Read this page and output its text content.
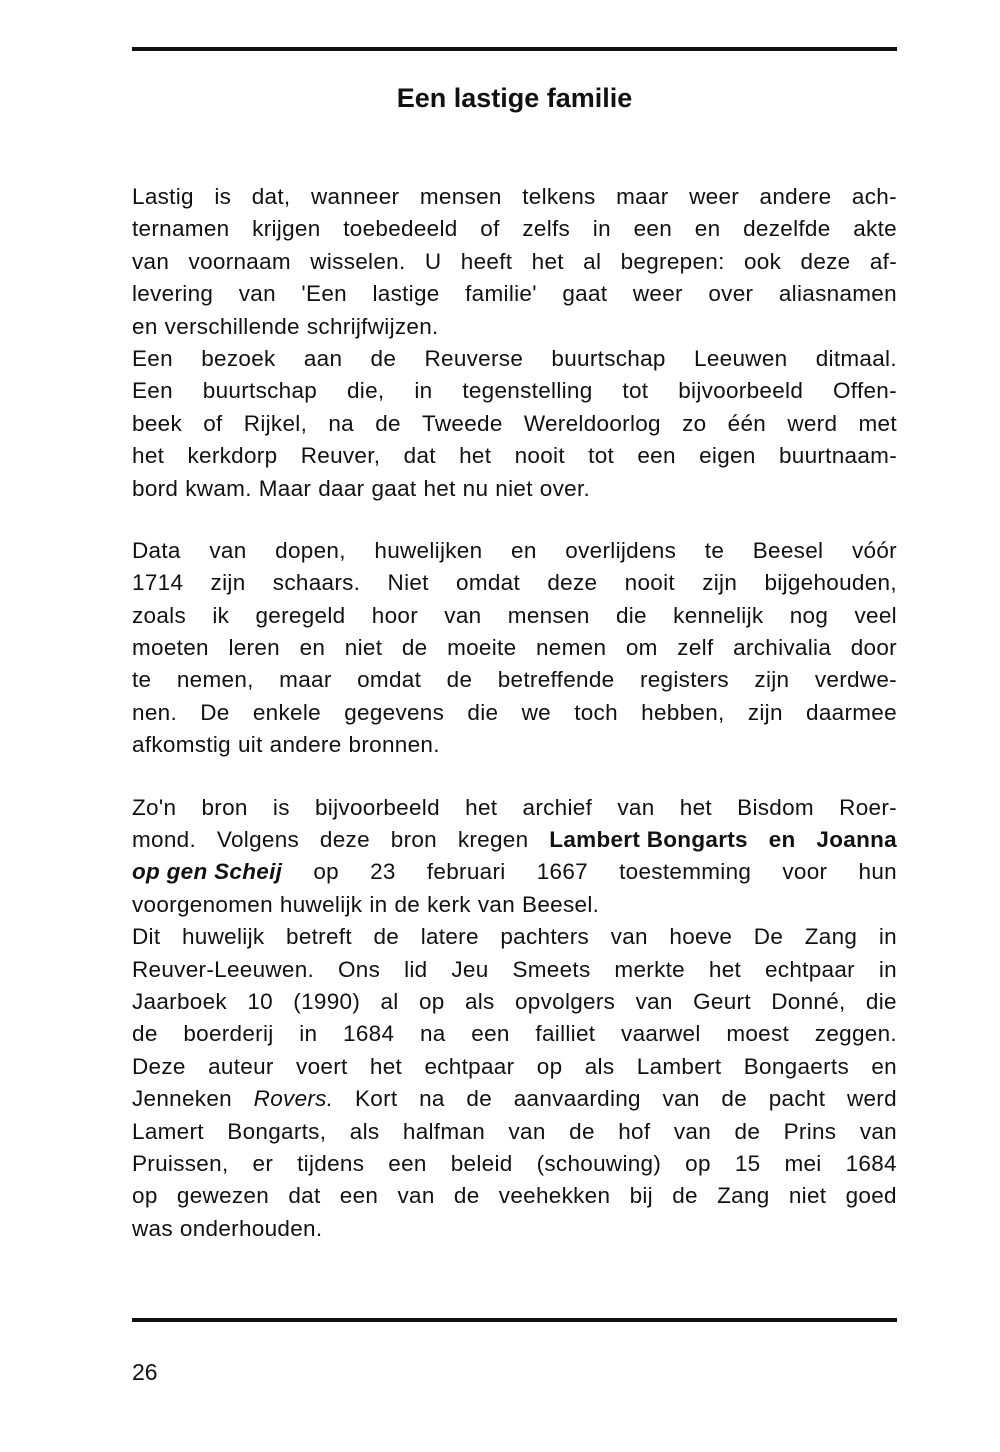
Een lastige familie
Lastig is dat, wanneer mensen telkens maar weer andere ach-
ternamen krijgen toebedeeld of zelfs in een en dezelfde akte
van voornaam wisselen. U heeft het al begrepen: ook deze af-
levering van 'Een lastige familie' gaat weer over aliasnamen
en verschillende schrijfwijzen.
Een bezoek aan de Reuverse buurtschap Leeuwen ditmaal.
Een buurtschap die, in tegenstelling tot bijvoorbeeld Offen-
beek of Rijkel, na de Tweede Wereldoorlog zo één werd met
het kerkdorp Reuver, dat het nooit tot een eigen buurtnaam-
bord kwam. Maar daar gaat het nu niet over.
Data van dopen, huwelijken en overlijdens te Beesel vóór
1714 zijn schaars. Niet omdat deze nooit zijn bijgehouden,
zoals ik geregeld hoor van mensen die kennelijk nog veel
moeten leren en niet de moeite nemen om zelf archivalia door
te nemen, maar omdat de betreffende registers zijn verdwe-
nen. De enkele gegevens die we toch hebben, zijn daarmee
afkomstig uit andere bronnen.
Zo'n bron is bijvoorbeeld het archief van het Bisdom Roer-
mond. Volgens deze bron kregen Lambert Bongarts en Joanna
op gen Scheij op 23 februari 1667 toestemming voor hun
voorgenomen huwelijk in de kerk van Beesel.
Dit huwelijk betreft de latere pachters van hoeve De Zang in
Reuver-Leeuwen. Ons lid Jeu Smeets merkte het echtpaar in
Jaarboek 10 (1990) al op als opvolgers van Geurt Donné, die
de boerderij in 1684 na een failliet vaarwel moest zeggen.
Deze auteur voert het echtpaar op als Lambert Bongaerts en
Jenneken Rovers. Kort na de aanvaarding van de pacht werd
Lamert Bongarts, als halfman van de hof van de Prins van
Pruissen, er tijdens een beleid (schouwing) op 15 mei 1684
op gewezen dat een van de veehekken bij de Zang niet goed
was onderhouden.
26
